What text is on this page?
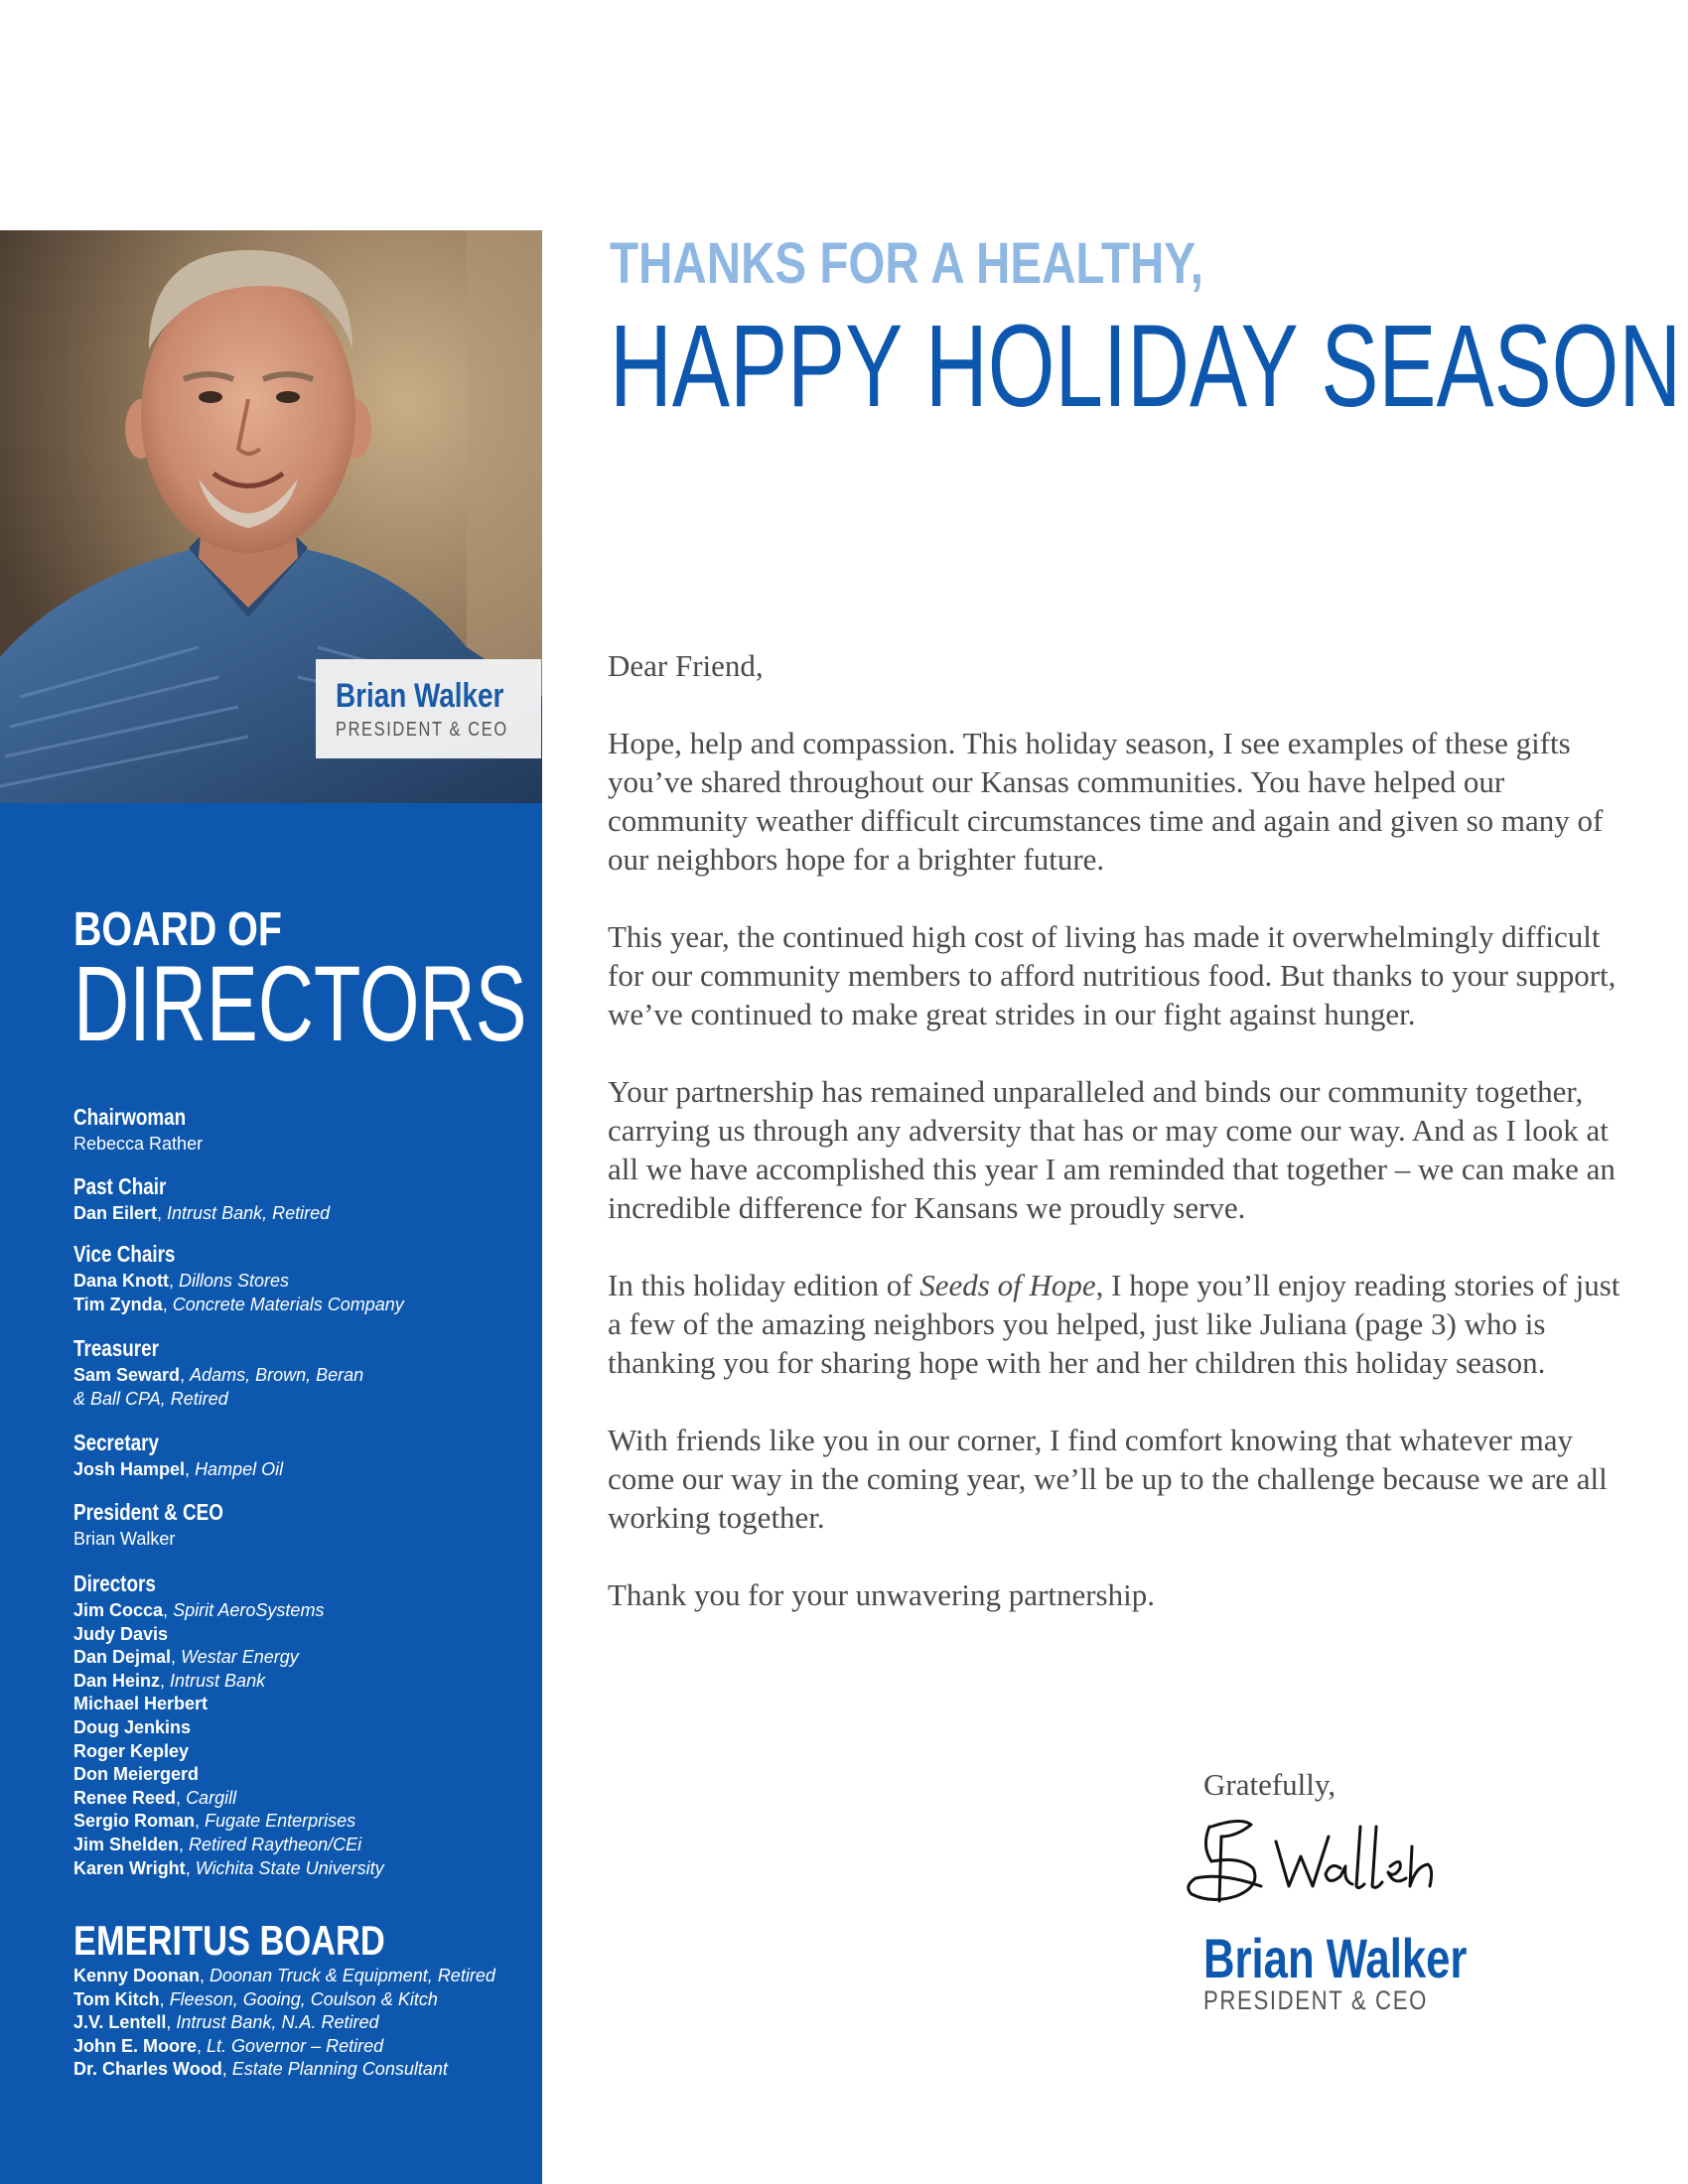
THANKS FOR A HEALTHY,
HAPPY HOLIDAY SEASON
Brian Walker
PRESIDENT & CEO
BOARD OF
DIRECTORS
Chairwoman
Rebecca Rather
Past Chair
Dan Eilert, Intrust Bank, Retired
Vice Chairs
Dana Knott, Dillons Stores
Tim Zynda, Concrete Materials Company
Treasurer
Sam Seward, Adams, Brown, Beran
& Ball CPA, Retired
Secretary
Josh Hampel, Hampel Oil
President & CEO
Brian Walker
Directors
Jim Cocca, Spirit AeroSystems
Judy Davis
Dan Dejmal, Westar Energy
Dan Heinz, Intrust Bank
Michael Herbert
Doug Jenkins
Roger Kepley
Don Meiergerd
Renee Reed, Cargill
Sergio Roman, Fugate Enterprises
Jim Shelden, Retired Raytheon/CEi
Karen Wright, Wichita State University
EMERITUS BOARD
Kenny Doonan, Doonan Truck & Equipment, Retired
Tom Kitch, Fleeson, Gooing, Coulson & Kitch
J.V. Lentell, Intrust Bank, N.A. Retired
John E. Moore, Lt. Governor – Retired
Dr. Charles Wood, Estate Planning Consultant

Dear Friend,

Hope, help and compassion. This holiday season, I see examples of these gifts you’ve shared throughout our Kansas communities. You have helped our community weather difficult circumstances time and again and given so many of our neighbors hope for a brighter future.

This year, the continued high cost of living has made it overwhelmingly difficult for our community members to afford nutritious food. But thanks to your support, we’ve continued to make great strides in our fight against hunger.

Your partnership has remained unparalleled and binds our community together, carrying us through any adversity that has or may come our way. And as I look at all we have accomplished this year I am reminded that together – we can make an incredible difference for Kansans we proudly serve.

In this holiday edition of Seeds of Hope, I hope you’ll enjoy reading stories of just a few of the amazing neighbors you helped, just like Juliana (page 3) who is thanking you for sharing hope with her and her children this holiday season.

With friends like you in our corner, I find comfort knowing that whatever may come our way in the coming year, we’ll be up to the challenge because we are all working together.

Thank you for your unwavering partnership.

Gratefully,
Brian Walker
PRESIDENT & CEO
